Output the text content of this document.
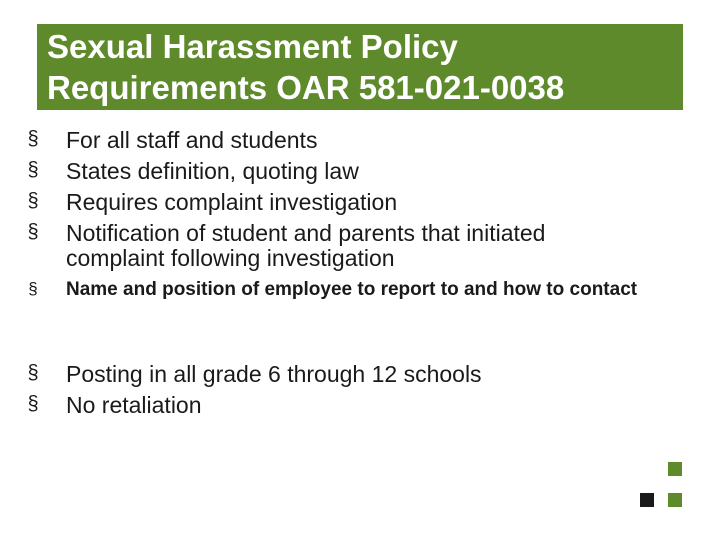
Sexual Harassment Policy
Requirements OAR 581-021-0038
§	For all staff and students
§	States definition, quoting law
§	Requires complaint investigation
§	Notification of student and parents that initiated complaint following investigation
§	Name and position of employee to report to and how to contact
§	Posting in all grade 6 through 12 schools
§	No retaliation
